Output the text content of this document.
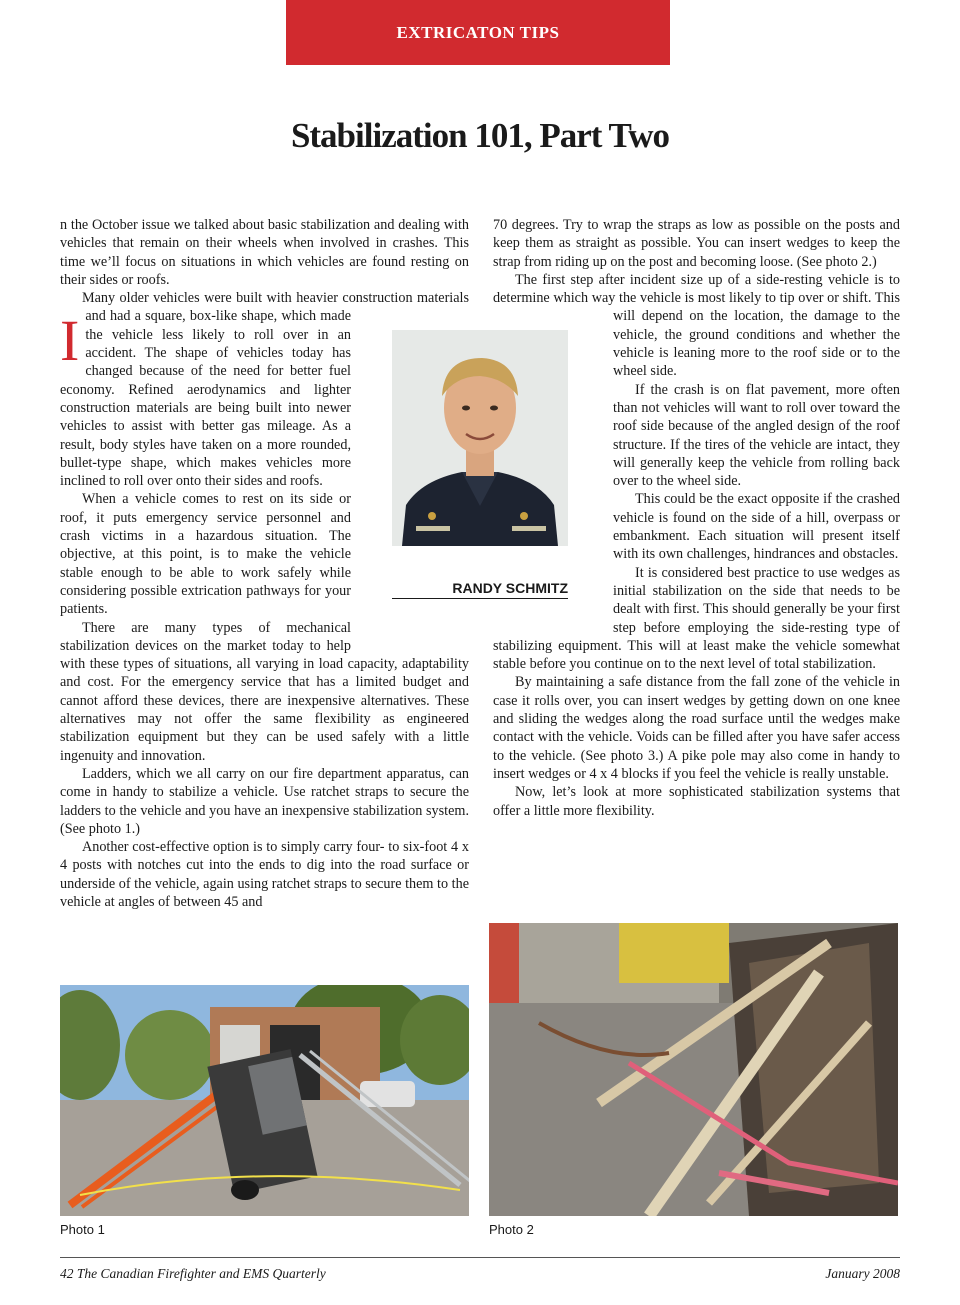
EXTRICATON TIPS
Stabilization 101, Part Two
I

n the October issue we talked about basic stabilization and dealing with vehicles that remain on their wheels when involved in crashes. This time we’ll focus on situations in which vehicles are found resting on their sides or roofs.

Many older vehicles were built with heavier construction materials and had a square, box-like shape, which made the vehicle less likely to roll over in an accident. The shape of vehicles today has changed because of the need for better fuel economy. Refined aerodynamics and lighter construction materials are being built into newer vehicles to assist with better gas mileage. As a result, body styles have taken on a more rounded, bullet-type shape, which makes vehicles more inclined to roll over onto their sides and roofs.

When a vehicle comes to rest on its side or roof, it puts emergency service personnel and crash victims in a hazardous situation. The objective, at this point, is to make the vehicle stable enough to be able to work safely while considering possible extrication pathways for your patients.

There are many types of mechanical stabilization devices on the market today to help with these types of situations, all varying in load capacity, adaptability and cost. For the emergency service that has a limited budget and cannot afford these devices, there are inexpensive alternatives. These alternatives may not offer the same flexibility as engineered stabilization equipment but they can be used safely with a little ingenuity and innovation.

Ladders, which we all carry on our fire department apparatus, can come in handy to stabilize a vehicle. Use ratchet straps to secure the ladders to the vehicle and you have an inexpensive stabilization system. (See photo 1.)

Another cost-effective option is to simply carry four- to six-foot 4 x 4 posts with notches cut into the ends to dig into the road surface or underside of the vehicle, again using ratchet straps to secure them to the vehicle at angles of between 45 and

70 degrees. Try to wrap the straps as low as possible on the posts and keep them as straight as possible. You can insert wedges to keep the strap from riding up on the post and becoming loose. (See photo 2.)

The first step after incident size up of a side-resting vehicle is to determine which way the vehicle is most likely to tip over or shift. This will depend on the location, the damage to the vehicle, the ground conditions and whether the vehicle is leaning more to the roof side or to the wheel side.

If the crash is on flat pavement, more often than not vehicles will want to roll over toward the roof side because of the angled design of the roof structure. If the tires of the vehicle are intact, they will generally keep the vehicle from rolling back over to the wheel side.

This could be the exact opposite if the crashed vehicle is found on the side of a hill, overpass or embankment. Each situation will present itself with its own challenges, hindrances and obstacles.

It is considered best practice to use wedges as initial stabilization on the side that needs to be dealt with first. This should generally be your first step before employing the side-resting type of stabilizing equipment. This will at least make the vehicle somewhat stable before you continue on to the next level of total stabilization.

By maintaining a safe distance from the fall zone of the vehicle in case it rolls over, you can insert wedges by getting down on one knee and sliding the wedges along the road surface until the wedges make contact with the vehicle. Voids can be filled after you have safer access to the vehicle. (See photo 3.) A pike pole may also come in handy to insert wedges or 4 x 4 blocks if you feel the vehicle is really unstable.

Now, let’s look at more sophisticated stabilization systems that offer a little more flexibility.

RANDY SCHMITZ
Photo 1	Photo 2
42 The Canadian Firefighter and EMS Quarterly	January 2008
